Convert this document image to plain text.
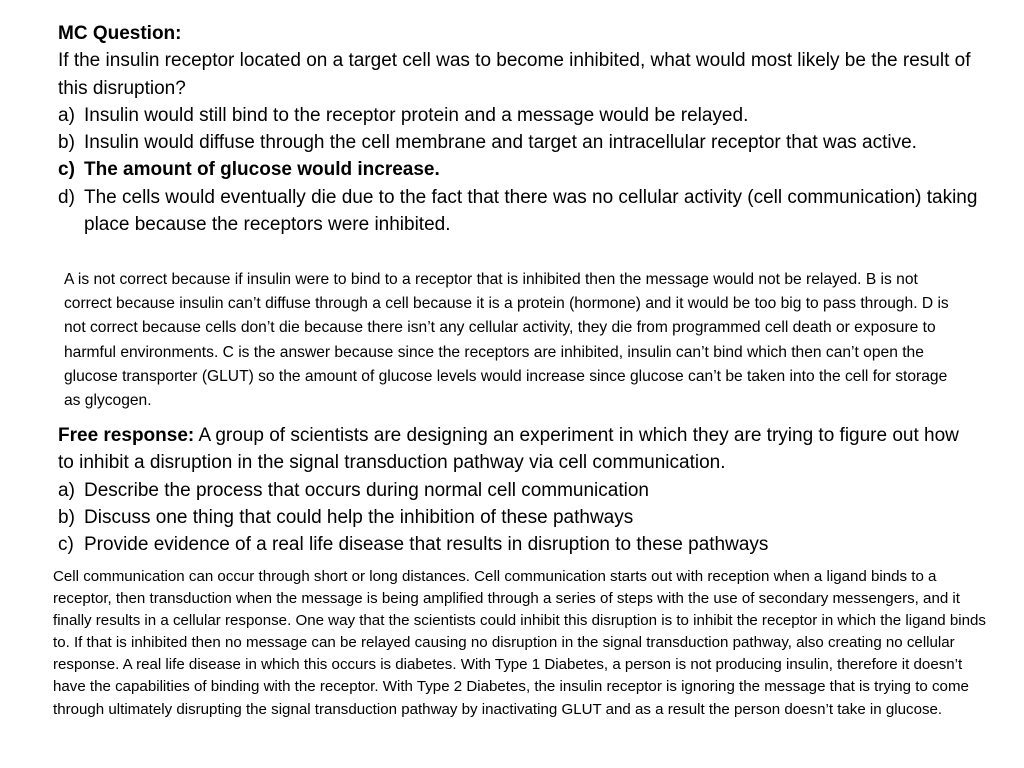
MC Question:

If the insulin receptor located on a target cell was to become inhibited, what would most likely be the result of this disruption?

a) Insulin would still bind to the receptor protein and a message would be relayed.
b) Insulin would diffuse through the cell membrane and target an intracellular receptor that was active.
c) The amount of glucose would increase.
d) The cells would eventually die due to the fact that there was no cellular activity (cell communication) taking place because the receptors were inhibited.

A is not correct because if insulin were to bind to a receptor that is inhibited then the message would not be relayed. B is not correct because insulin can’t diffuse through a cell because it is a protein (hormone) and it would be too big to pass through. D is not correct because cells don’t die because there isn’t any cellular activity, they die from programmed cell death or exposure to harmful environments. C is the answer because since the receptors are inhibited, insulin can’t bind which then can’t open the glucose transporter (GLUT) so the amount of glucose levels would increase since glucose can’t be taken into the cell for storage as glycogen.

Free response: A group of scientists are designing an experiment in which they are trying to figure out how to inhibit a disruption in the signal transduction pathway via cell communication.

a) Describe the process that occurs during normal cell communication
b) Discuss one thing that could help the inhibition of these pathways
c) Provide evidence of a real life disease that results in disruption to these pathways

Cell communication can occur through short or long distances. Cell communication starts out with reception when a ligand binds to a receptor, then transduction when the message is being amplified through a series of steps with the use of secondary messengers, and it finally results in a cellular response. One way that the scientists could inhibit this disruption is to inhibit the receptor in which the ligand binds to. If that is inhibited then no message can be relayed causing no disruption in the signal transduction pathway, also creating no cellular response. A real life disease in which this occurs is diabetes. With Type 1 Diabetes, a person is not producing insulin, therefore it doesn’t have the capabilities of binding with the receptor. With Type 2 Diabetes, the insulin receptor is ignoring the message that is trying to come through ultimately disrupting the signal transduction pathway by inactivating GLUT and as a result the person doesn’t take in glucose.
